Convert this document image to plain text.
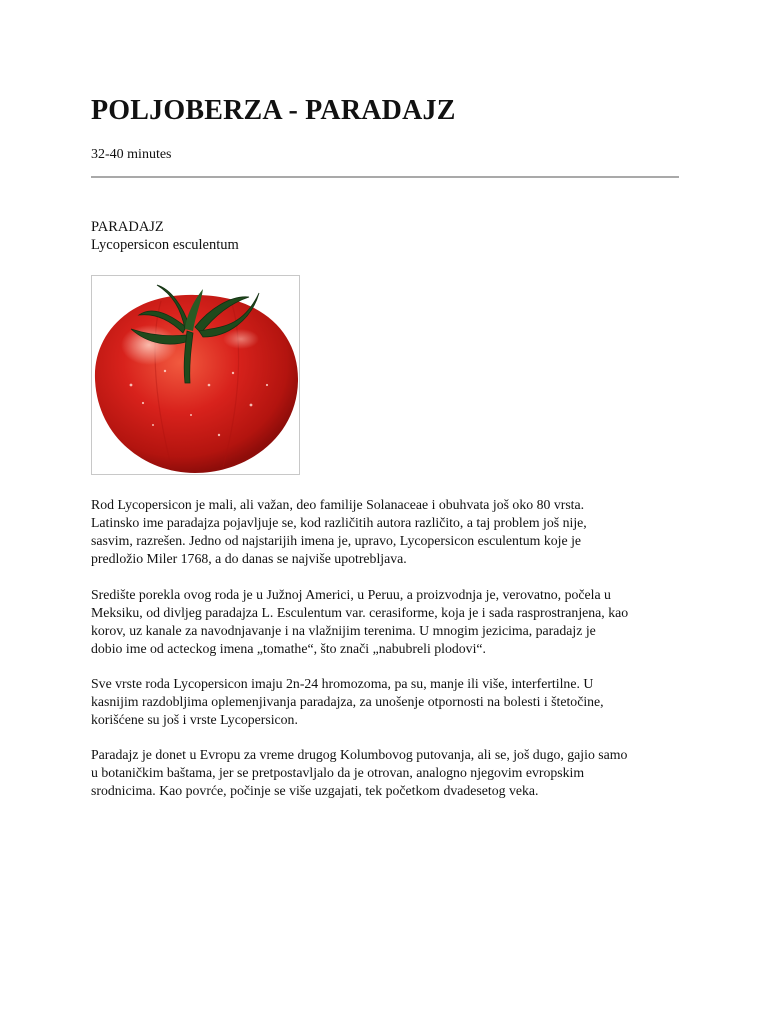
POLJOBERZA - PARADAJZ
32-40 minutes
PARADAJZ
Lycopersicon esculentum
Rod Lycopersicon je mali, ali važan, deo familije Solanaceae i obuhvata još oko 80 vrsta.
Latinsko ime paradajza pojavljuje se, kod različitih autora različito, a taj problem još nije,
sasvim, razrešen. Jedno od najstarijih imena je, upravo, Lycopersicon esculentum koje je
predložio Miler 1768, a do danas se najviše upotrebljava.
Središte porekla ovog roda je u Južnoj Americi, u Peruu, a proizvodnja je, verovatno, počela u
Meksiku, od divljeg paradajza L. Esculentum var. cerasiforme, koja je i sada rasprostranjena, kao
korov, uz kanale za navodnjavanje i na vlažnijim terenima. U mnogim jezicima, paradajz je
dobio ime od acteckog imena „tomathe“, što znači „nabubreli plodovi“.
Sve vrste roda Lycopersicon imaju 2n-24 hromozoma, pa su, manje ili više, interfertilne. U
kasnijim razdobljima oplemenjivanja paradajza, za unošenje otpornosti na bolesti i štetočine,
korišćene su još i vrste Lycopersicon.
Paradajz je donet u Evropu za vreme drugog Kolumbovog putovanja, ali se, još dugo, gajio samo
u botaničkim baštama, jer se pretpostavljalo da je otrovan, analogno njegovim evropskim
srodnicima. Kao povrće, počinje se više uzgajati, tek početkom dvadesetog veka.
